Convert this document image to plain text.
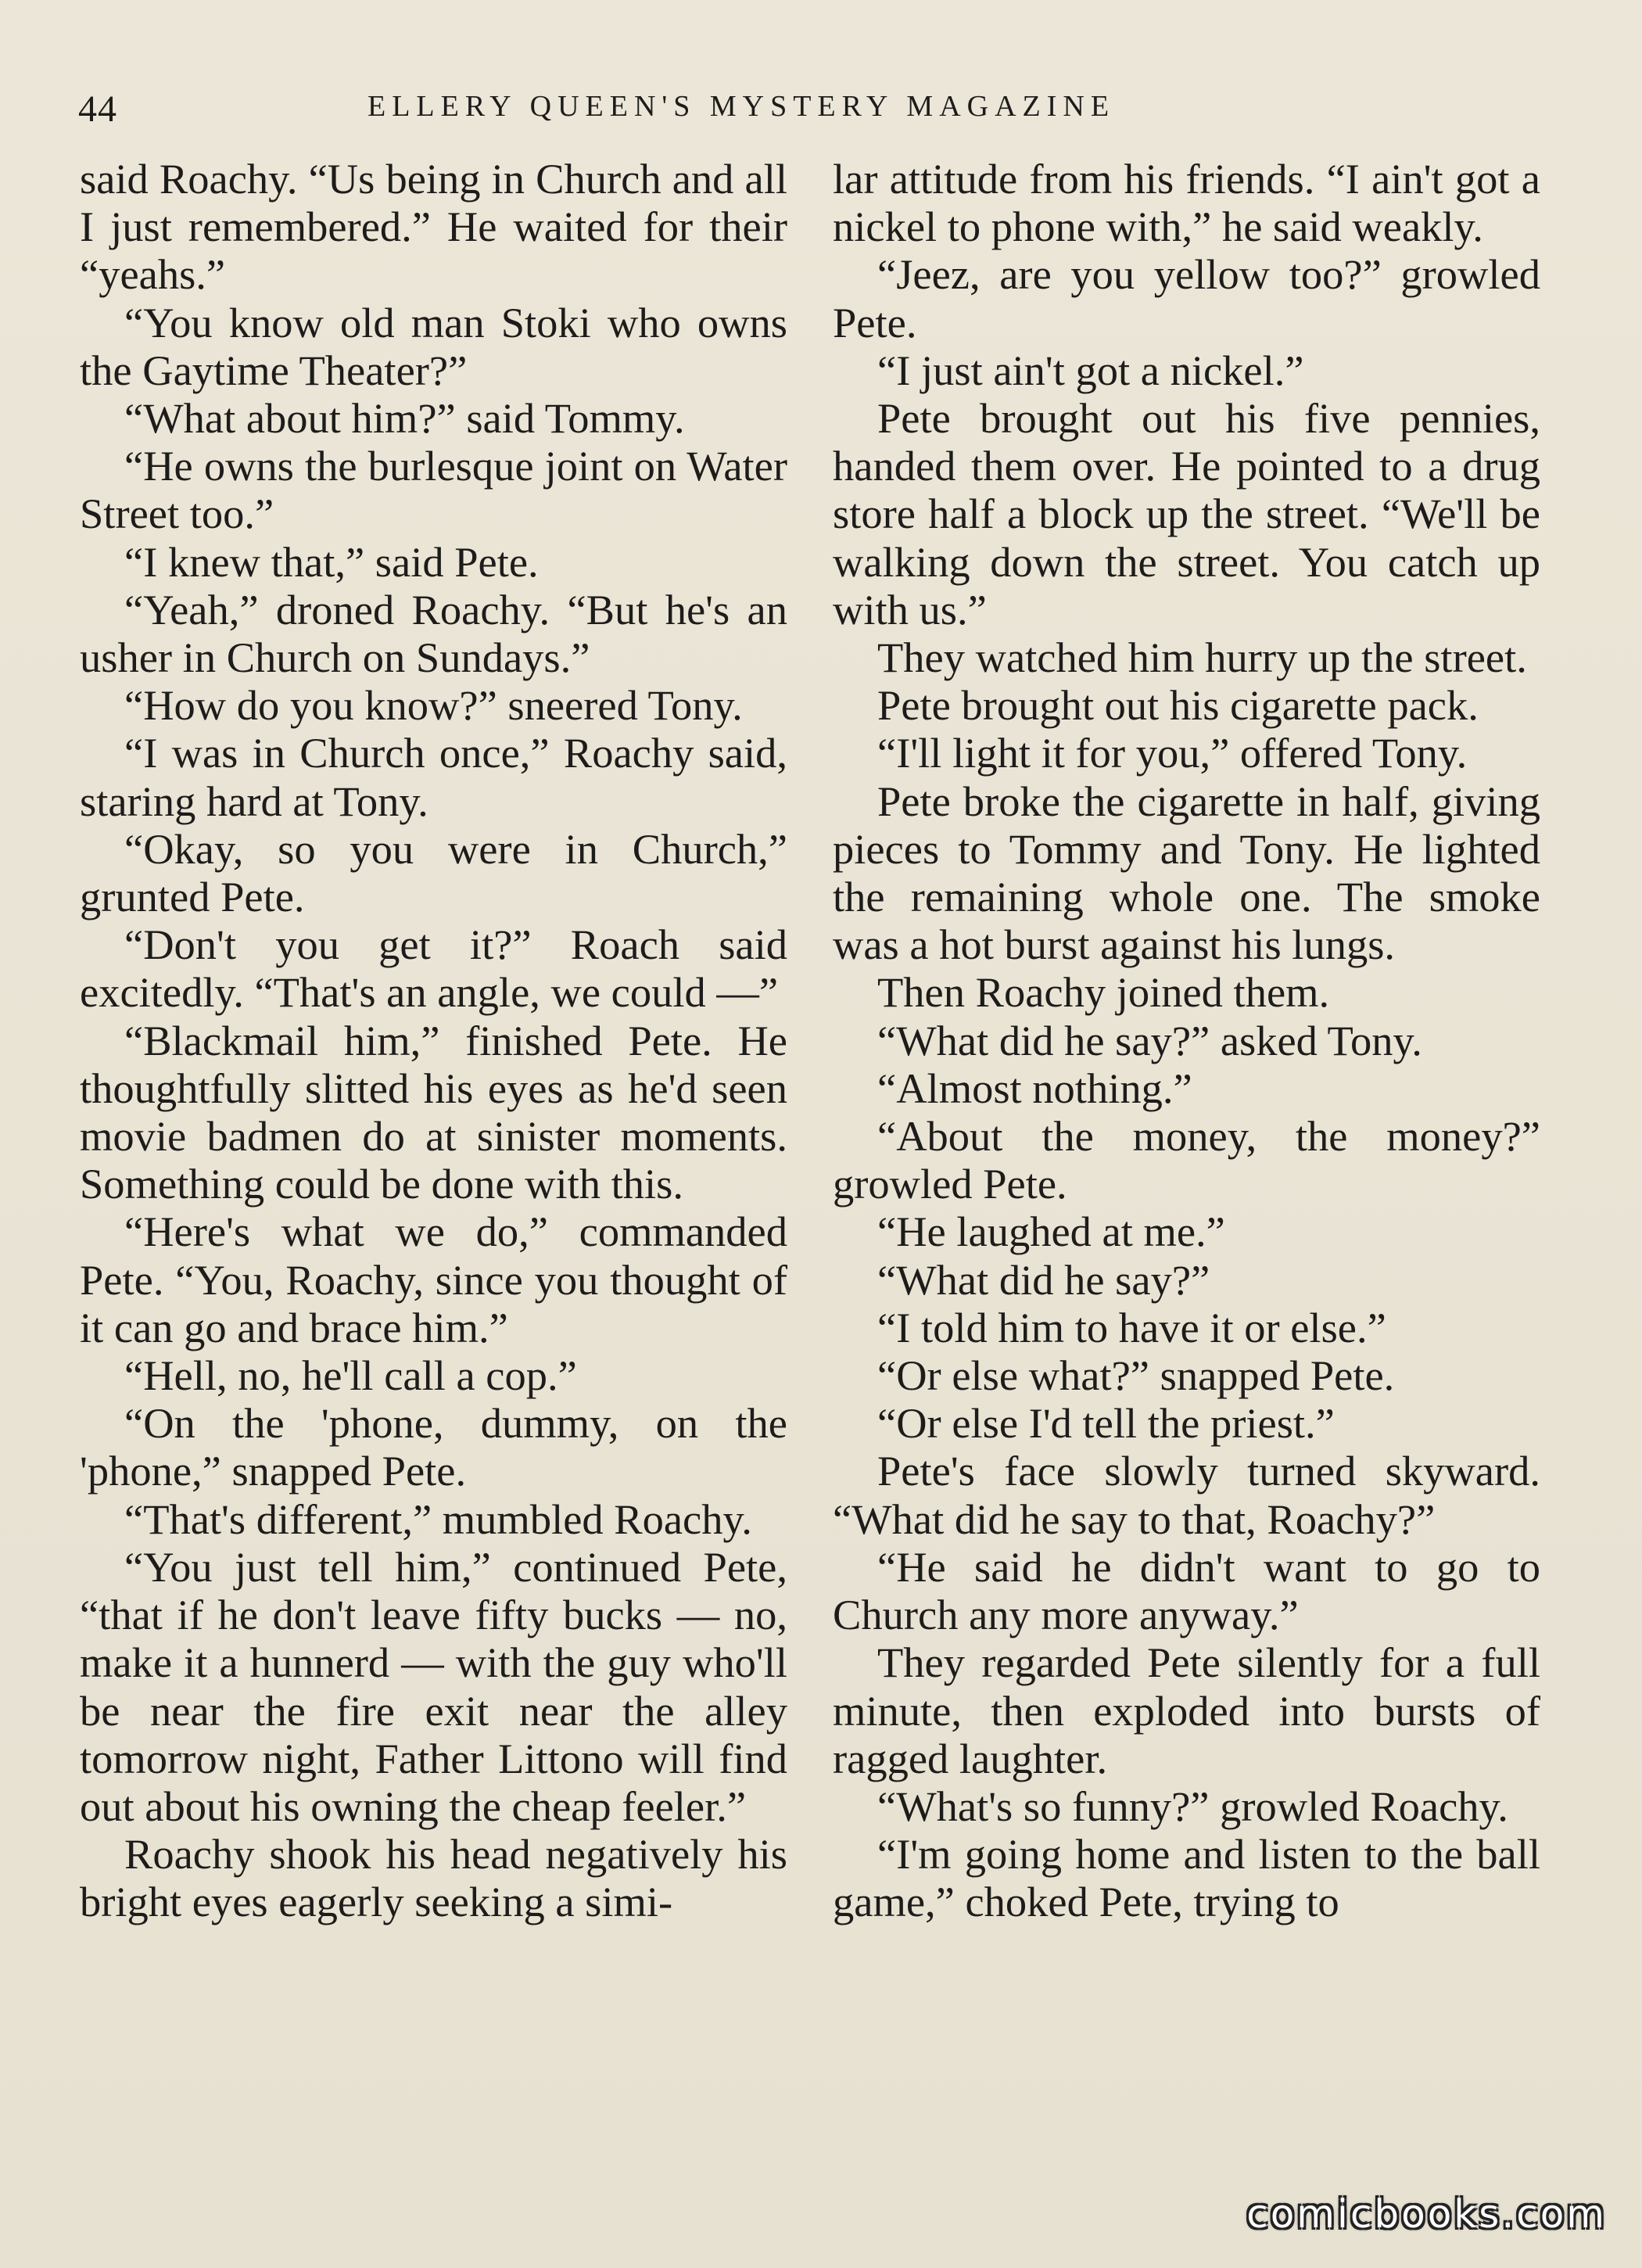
44	ELLERY QUEEN'S MYSTERY MAGAZINE

said Roachy. “Us being in Church and all I just remembered.” He waited for their “yeahs.”

“You know old man Stoki who owns the Gaytime Theater?”

“What about him?” said Tommy.

“He owns the burlesque joint on Water Street too.”

“I knew that,” said Pete.

“Yeah,” droned Roachy. “But he's an usher in Church on Sundays.”

“How do you know?” sneered Tony.

“I was in Church once,” Roachy said, staring hard at Tony.

“Okay, so you were in Church,” grunted Pete.

“Don't you get it?” Roach said excitedly. “That's an angle, we could —”

“Blackmail him,” finished Pete. He thoughtfully slitted his eyes as he'd seen movie badmen do at sinister moments. Something could be done with this.

“Here's what we do,” commanded Pete. “You, Roachy, since you thought of it can go and brace him.”

“Hell, no, he'll call a cop.”

“On the 'phone, dummy, on the 'phone,” snapped Pete.

“That's different,” mumbled Roachy.

“You just tell him,” continued Pete, “that if he don't leave fifty bucks — no, make it a hunnerd — with the guy who'll be near the fire exit near the alley tomorrow night, Father Littono will find out about his owning the cheap feeler.”

Roachy shook his head negatively his bright eyes eagerly seeking a simi-

lar attitude from his friends. “I ain't got a nickel to phone with,” he said weakly.

“Jeez, are you yellow too?” growled Pete.

“I just ain't got a nickel.”

Pete brought out his five pennies, handed them over. He pointed to a drug store half a block up the street. “We'll be walking down the street. You catch up with us.”

They watched him hurry up the street.

Pete brought out his cigarette pack.

“I'll light it for you,” offered Tony.

Pete broke the cigarette in half, giving pieces to Tommy and Tony. He lighted the remaining whole one. The smoke was a hot burst against his lungs.

Then Roachy joined them.

“What did he say?” asked Tony.

“Almost nothing.”

“About the money, the money?” growled Pete.

“He laughed at me.”

“What did he say?”

“I told him to have it or else.”

“Or else what?” snapped Pete.

“Or else I'd tell the priest.”

Pete's face slowly turned skyward. “What did he say to that, Roachy?”

“He said he didn't want to go to Church any more anyway.”

They regarded Pete silently for a full minute, then exploded into bursts of ragged laughter.

“What's so funny?” growled Roachy.

“I'm going home and listen to the ball game,” choked Pete, trying to

comicbooks.com
